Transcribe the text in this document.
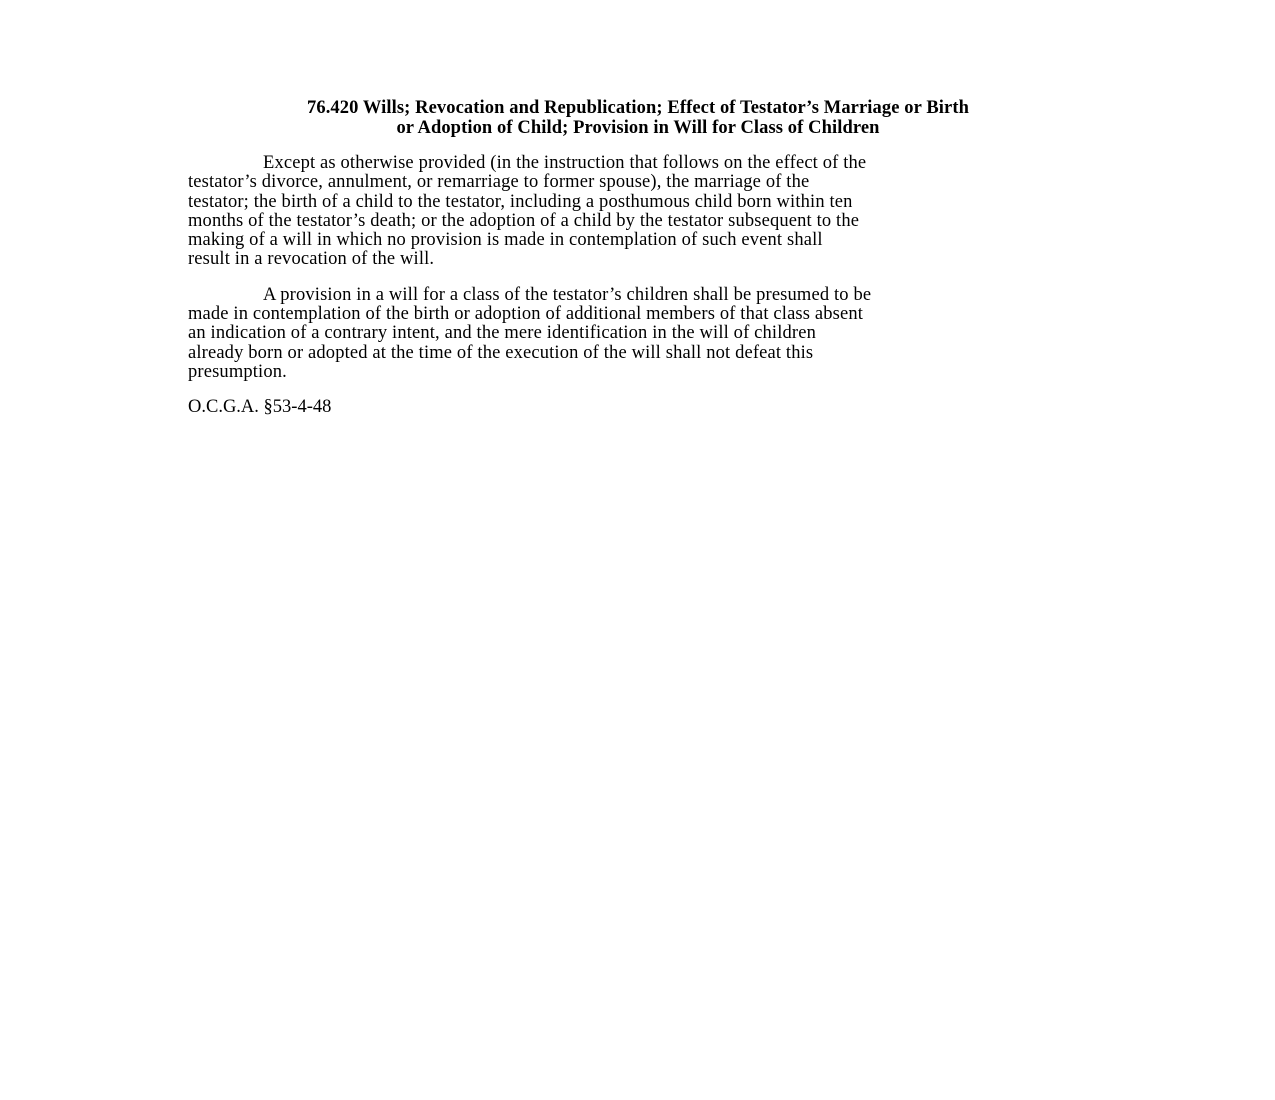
76.420 Wills; Revocation and Republication; Effect of Testator’s Marriage or Birth
or Adoption of Child; Provision in Will for Class of Children

Except as otherwise provided (in the instruction that follows on the effect of the
testator’s divorce, annulment, or remarriage to former spouse), the marriage of the
testator; the birth of a child to the testator, including a posthumous child born within ten
months of the testator’s death; or the adoption of a child by the testator subsequent to the
making of a will in which no provision is made in contemplation of such event shall
result in a revocation of the will.

A provision in a will for a class of the testator’s children shall be presumed to be
made in contemplation of the birth or adoption of additional members of that class absent
an indication of a contrary intent, and the mere identification in the will of children
already born or adopted at the time of the execution of the will shall not defeat this
presumption.

O.C.G.A. §53-4-48
